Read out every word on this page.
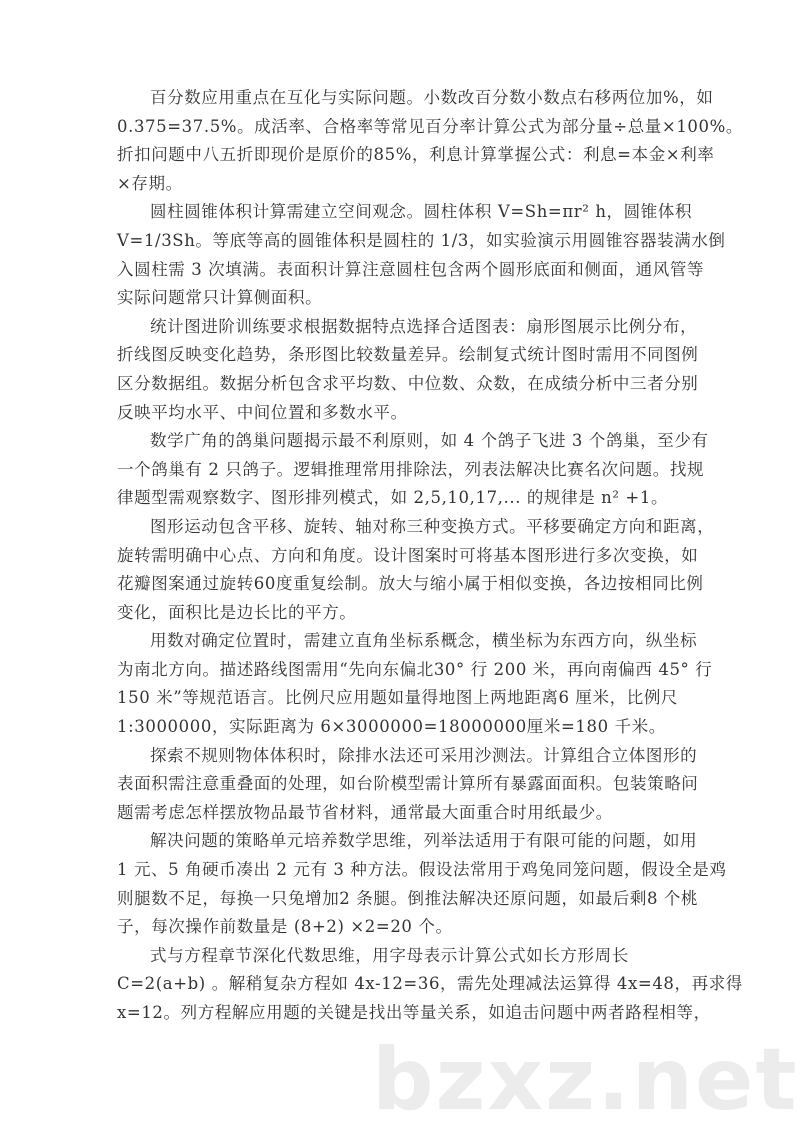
百分数应用重点在互化与实际问题。小数改百分数小数点右移两位加%，如
0.375=37.5%。成活率、合格率等常见百分率计算公式为部分量÷总量×100%。
折扣问题中八五折即现价是原价的85%，利息计算掌握公式：利息=本金×利率
×存期。
圆柱圆锥体积计算需建立空间观念。圆柱体积 V=Sh=πr² h，圆锥体积
V=1/3Sh。等底等高的圆锥体积是圆柱的 1/3，如实验演示用圆锥容器装满水倒
入圆柱需 3 次填满。表面积计算注意圆柱包含两个圆形底面和侧面，通风管等
实际问题常只计算侧面积。
统计图进阶训练要求根据数据特点选择合适图表：扇形图展示比例分布，
折线图反映变化趋势，条形图比较数量差异。绘制复式统计图时需用不同图例
区分数据组。数据分析包含求平均数、中位数、众数，在成绩分析中三者分别
反映平均水平、中间位置和多数水平。
数学广角的鸽巢问题揭示最不利原则，如 4 个鸽子飞进 3 个鸽巢，至少有
一个鸽巢有 2 只鸽子。逻辑推理常用排除法，列表法解决比赛名次问题。找规
律题型需观察数字、图形排列模式，如 2,5,10,17,... 的规律是 n² +1。
图形运动包含平移、旋转、轴对称三种变换方式。平移要确定方向和距离，
旋转需明确中心点、方向和角度。设计图案时可将基本图形进行多次变换，如
花瓣图案通过旋转60度重复绘制。放大与缩小属于相似变换，各边按相同比例
变化，面积比是边长比的平方。
用数对确定位置时，需建立直角坐标系概念，横坐标为东西方向，纵坐标
为南北方向。描述路线图需用“先向东偏北30° 行 200 米，再向南偏西 45° 行
150 米”等规范语言。比例尺应用题如量得地图上两地距离6 厘米，比例尺
1:3000000，实际距离为 6×3000000=18000000厘米=180 千米。
探索不规则物体体积时，除排水法还可采用沙测法。计算组合立体图形的
表面积需注意重叠面的处理，如台阶模型需计算所有暴露面面积。包装策略问
题需考虑怎样摆放物品最节省材料，通常最大面重合时用纸最少。
解决问题的策略单元培养数学思维，列举法适用于有限可能的问题，如用
1 元、5 角硬币凑出 2 元有 3 种方法。假设法常用于鸡兔同笼问题，假设全是鸡
则腿数不足，每换一只兔增加2 条腿。倒推法解决还原问题，如最后剩8 个桃
子，每次操作前数量是 (8+2) ×2=20 个。
式与方程章节深化代数思维，用字母表示计算公式如长方形周长
C=2(a+b) 。解稍复杂方程如 4x-12=36，需先处理减法运算得 4x=48，再求得
x=12。列方程解应用题的关键是找出等量关系，如追击问题中两者路程相等，
bzxz.net
